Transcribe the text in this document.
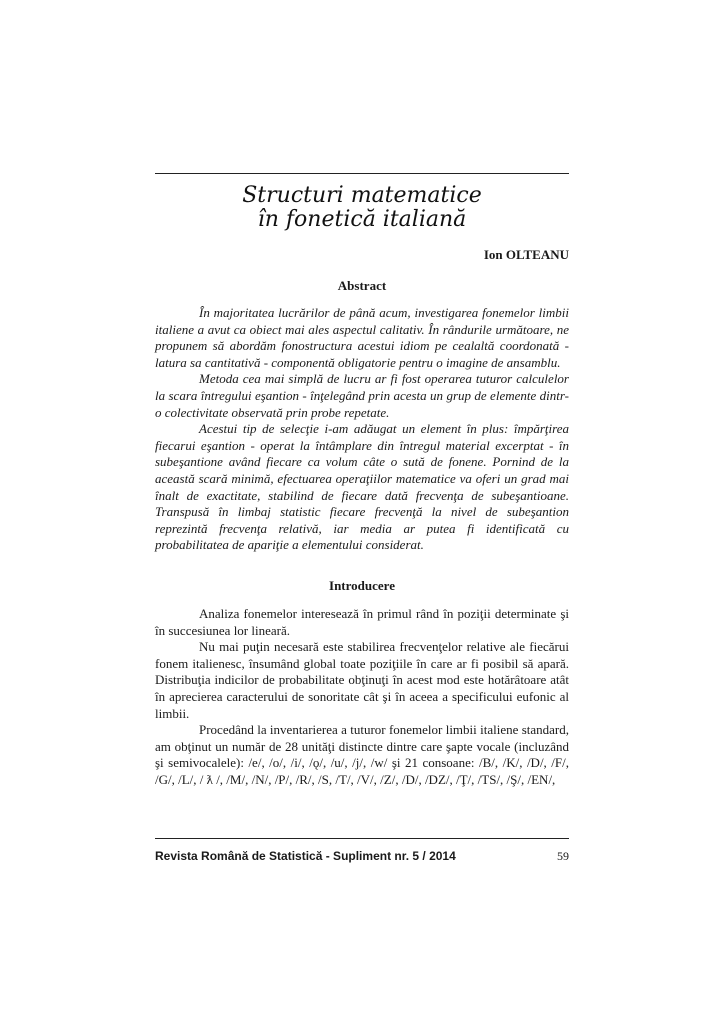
Structuri matematice
în fonetică italiană
Ion OLTEANU
Abstract

În majoritatea lucrărilor de până acum, investigarea fonemelor limbii italiene a avut ca obiect mai ales aspectul calitativ. În rândurile următoare, ne propunem să abordăm fonostructura acestui idiom pe cealaltă coordonată - latura sa cantitativă - componentă obligatorie pentru o imagine de ansamblu.

Metoda cea mai simplă de lucru ar fi fost operarea tuturor calculelor la scara întregului eşantion - înţelegând prin acesta un grup de elemente dintr-o colectivitate observată prin probe repetate.

Acestui tip de selecţie i-am adăugat un element în plus: împărţirea fiecarui eşantion - operat la întâmplare din întregul material excerptat - în subeşantione având fiecare ca volum câte o sută de fonene. Pornind de la această scară minimă, efectuarea operaţiilor matematice va oferi un grad mai înalt de exactitate, stabilind de fiecare dată frecvenţa de subeşantioane. Transpusă în limbaj statistic fiecare frecvenţă la nivel de subeşantion reprezintă frecvenţa relativă, iar media ar putea fi identificată cu probabilitatea de apariţie a elementului considerat.

Introducere

Analiza fonemelor interesează în primul rând în poziţii determinate şi în succesiunea lor lineară.

Nu mai puţin necesară este stabilirea frecvenţelor relative ale fiecărui fonem italienesc, însumând global toate poziţiile în care ar fi posibil să apară. Distribuţia indicilor de probabilitate obţinuţi în acest mod este hotărâtoare atât în aprecierea caracterului de sonoritate cât şi în aceea a specificului eufonic al limbii.

Procedând la inventarierea a tuturor fonemelor limbii italiene standard, am obţinut un număr de 28 unităţi distincte dintre care şapte vocale (incluzând şi semivocalele): /e/, /o/, /i/, /ǫ/, /u/, /j/, /w/ şi 21 consoane: /B/, /K/, /D/, /F/, /G/, /L/, / ƛ /, /M/, /N/, /P/, /R/, /S, /T/, /V/, /Z/, /D/, /DZ/, /Ţ/, /TS/, /Ş/, /EN/,

Revista Română de Statistică - Supliment nr. 5 / 2014	59
